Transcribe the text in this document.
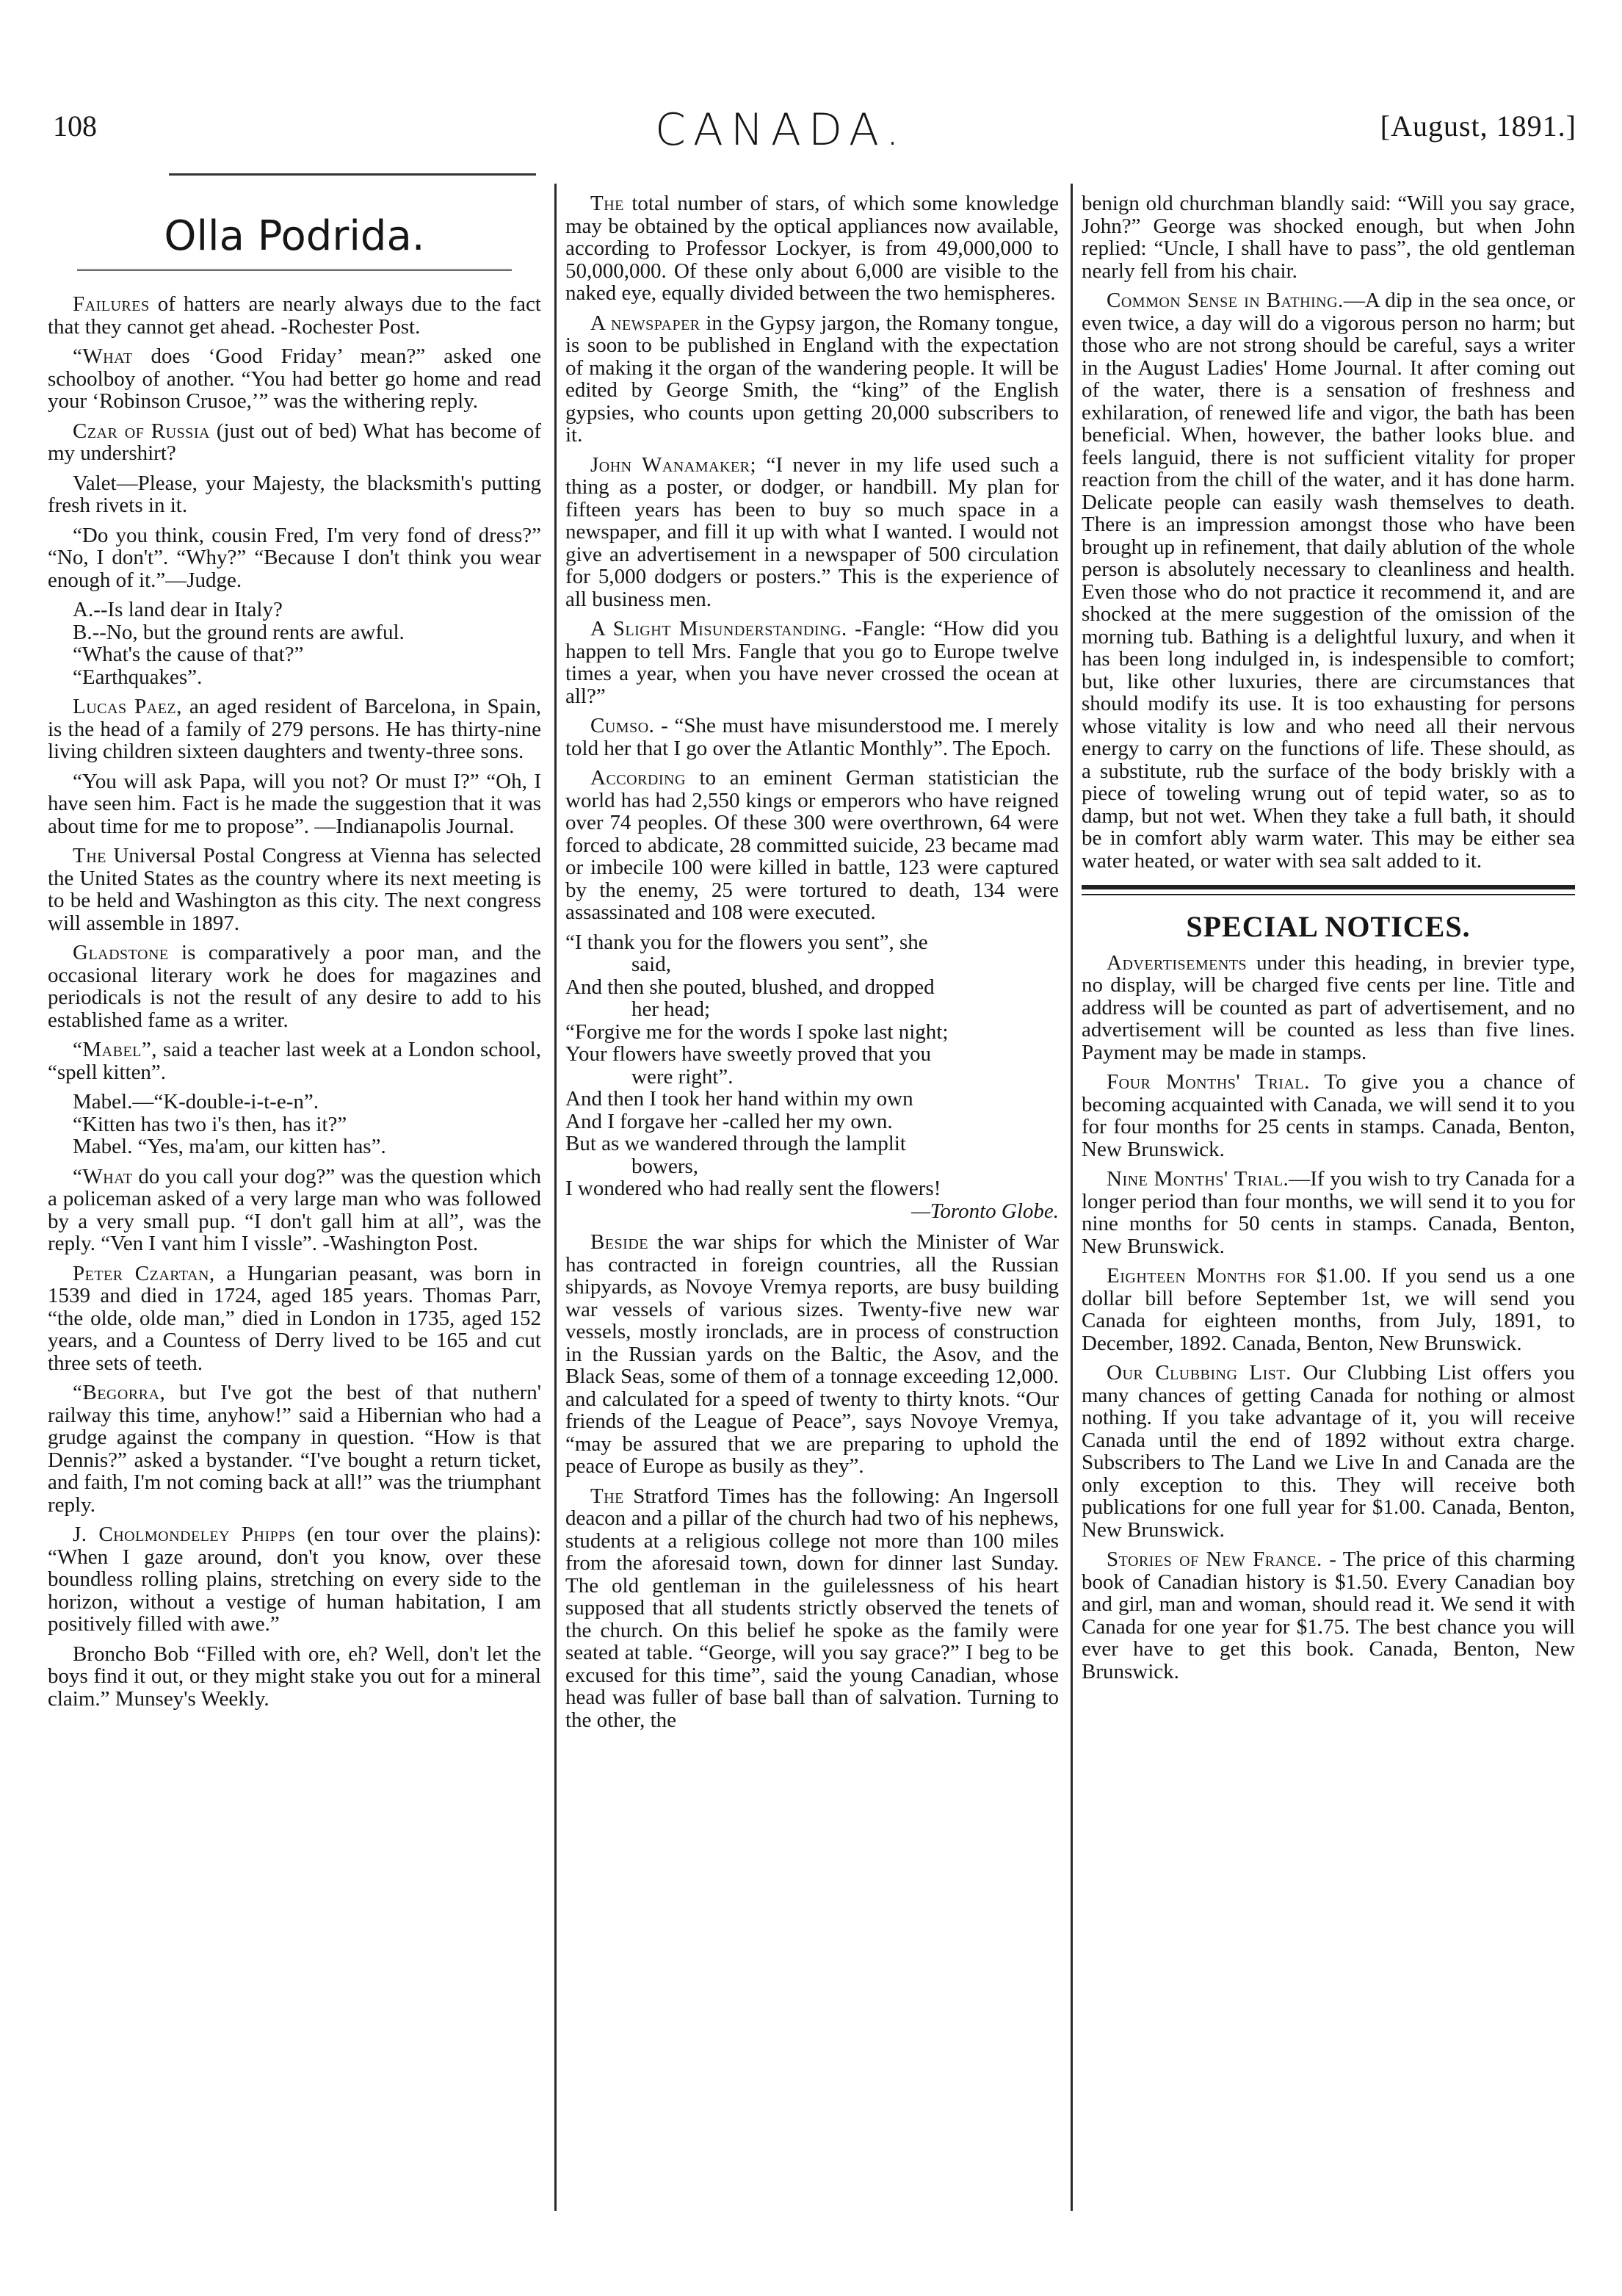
108	CANADA.	[August, 1891.]
Olla Podrida.

Failures of hatters are nearly always due to the fact that they cannot get ahead. -Rochester Post.

“What does ‘Good Friday’ mean?” asked one schoolboy of another. “You had better go home and read your ‘Robinson Crusoe,’” was the withering reply.

Czar of Russia (just out of bed) What has become of my undershirt?

Valet—Please, your Majesty, the blacksmith's putting fresh rivets in it.

“Do you think, cousin Fred, I'm very fond of dress?” “No, I don't”. “Why?” “Because I don't think you wear enough of it.”—Judge.

A.--Is land dear in Italy?
B.--No, but the ground rents are awful.
“What's the cause of that?”
“Earthquakes”.

Lucas Paez, an aged resident of Barcelona, in Spain, is the head of a family of 279 persons. He has thirty-nine living children sixteen daughters and twenty-three sons.

“You will ask Papa, will you not? Or must I?” “Oh, I have seen him. Fact is he made the suggestion that it was about time for me to propose”. —Indianapolis Journal.

The Universal Postal Congress at Vienna has selected the United States as the country where its next meeting is to be held and Washington as this city. The next congress will assemble in 1897.

Gladstone is comparatively a poor man, and the occasional literary work he does for magazines and periodicals is not the result of any desire to add to his established fame as a writer.

“Mabel”, said a teacher last week at a London school, “spell kitten”.

Mabel.—“K-double-i-t-e-n”.
“Kitten has two i's then, has it?”
Mabel. “Yes, ma'am, our kitten has”.

“What do you call your dog?” was the question which a policeman asked of a very large man who was followed by a very small pup. “I don't gall him at all”, was the reply. “Ven I vant him I vissle”. -Washington Post.

Peter Czartan, a Hungarian peasant, was born in 1539 and died in 1724, aged 185 years. Thomas Parr, “the olde, olde man,” died in London in 1735, aged 152 years, and a Countess of Derry lived to be 165 and cut three sets of teeth.

“Begorra, but I've got the best of that nuthern' railway this time, anyhow!” said a Hibernian who had a grudge against the company in question. “How is that Dennis?” asked a bystander. “I've bought a return ticket, and faith, I'm not coming back at all!” was the triumphant reply.

J. Cholmondeley Phipps (en tour over the plains): “When I gaze around, don't you know, over these boundless rolling plains, stretching on every side to the horizon, without a vestige of human habitation, I am positively filled with awe.”

Broncho Bob “Filled with ore, eh? Well, don't let the boys find it out, or they might stake you out for a mineral claim.” Munsey's Weekly.

The total number of stars, of which some knowledge may be obtained by the optical appliances now available, according to Professor Lockyer, is from 49,000,000 to 50,000,000. Of these only about 6,000 are visible to the naked eye, equally divided between the two hemispheres.

A newspaper in the Gypsy jargon, the Romany tongue, is soon to be published in England with the expectation of making it the organ of the wandering people. It will be edited by George Smith, the “king” of the English gypsies, who counts upon getting 20,000 subscribers to it.

John Wanamaker; “I never in my life used such a thing as a poster, or dodger, or handbill. My plan for fifteen years has been to buy so much space in a newspaper, and fill it up with what I wanted. I would not give an advertisement in a newspaper of 500 circulation for 5,000 dodgers or posters.” This is the experience of all business men.

A Slight Misunderstanding. -Fangle: “How did you happen to tell Mrs. Fangle that you go to Europe twelve times a year, when you have never crossed the ocean at all?”

Cumso. - “She must have misunderstood me. I merely told her that I go over the Atlantic Monthly”. The Epoch.

According to an eminent German statistician the world has had 2,550 kings or emperors who have reigned over 74 peoples. Of these 300 were overthrown, 64 were forced to abdicate, 28 committed suicide, 23 became mad or imbecile 100 were killed in battle, 123 were captured by the enemy, 25 were tortured to death, 134 were assassinated and 108 were executed.

“I thank you for the flowers you sent”, she
said,
And then she pouted, blushed, and dropped
her head;
“Forgive me for the words I spoke last night;
Your flowers have sweetly proved that you
were right”.
And then I took her hand within my own
And I forgave her -called her my own.
But as we wandered through the lamplit
bowers,
I wondered who had really sent the flowers!
—Toronto Globe.

Beside the war ships for which the Minister of War has contracted in foreign countries, all the Russian shipyards, as Novoye Vremya reports, are busy building war vessels of various sizes. Twenty-five new war vessels, mostly ironclads, are in process of construction in the Russian yards on the Baltic, the Asov, and the Black Seas, some of them of a tonnage exceeding 12,000. and calculated for a speed of twenty to thirty knots. “Our friends of the League of Peace”, says Novoye Vremya, “may be assured that we are preparing to uphold the peace of Europe as busily as they”.

The Stratford Times has the following: An Ingersoll deacon and a pillar of the church had two of his nephews, students at a religious college not more than 100 miles from the aforesaid town, down for dinner last Sunday. The old gentleman in the guilelessness of his heart supposed that all students strictly observed the tenets of the church. On this belief he spoke as the family were seated at table. “George, will you say grace?” I beg to be excused for this time”, said the young Canadian, whose head was fuller of base ball than of salvation. Turning to the other, the

benign old churchman blandly said: “Will you say grace, John?” George was shocked enough, but when John replied: “Uncle, I shall have to pass”, the old gentleman nearly fell from his chair.

Common Sense in Bathing.—A dip in the sea once, or even twice, a day will do a vigorous person no harm; but those who are not strong should be careful, says a writer in the August Ladies' Home Journal. It after coming out of the water, there is a sensation of freshness and exhilaration, of renewed life and vigor, the bath has been beneficial. When, however, the bather looks blue. and feels languid, there is not sufficient vitality for proper reaction from the chill of the water, and it has done harm. Delicate people can easily wash themselves to death. There is an impression amongst those who have been brought up in refinement, that daily ablution of the whole person is absolutely necessary to cleanliness and health. Even those who do not practice it recommend it, and are shocked at the mere suggestion of the omission of the morning tub. Bathing is a delightful luxury, and when it has been long indulged in, is indespensible to comfort; but, like other luxuries, there are circumstances that should modify its use. It is too exhausting for persons whose vitality is low and who need all their nervous energy to carry on the functions of life. These should, as a substitute, rub the surface of the body briskly with a piece of toweling wrung out of tepid water, so as to damp, but not wet. When they take a full bath, it should be in comfort ably warm water. This may be either sea water heated, or water with sea salt added to it.

SPECIAL NOTICES.

Advertisements under this heading, in brevier type, no display, will be charged five cents per line. Title and address will be counted as part of advertisement, and no advertisement will be counted as less than five lines. Payment may be made in stamps.

Four Months' Trial. To give you a chance of becoming acquainted with Canada, we will send it to you for four months for 25 cents in stamps. Canada, Benton, New Brunswick.

Nine Months' Trial.—If you wish to try Canada for a longer period than four months, we will send it to you for nine months for 50 cents in stamps. Canada, Benton, New Brunswick.

Eighteen Months for $1.00. If you send us a one dollar bill before September 1st, we will send you Canada for eighteen months, from July, 1891, to December, 1892. Canada, Benton, New Brunswick.

Our Clubbing List. Our Clubbing List offers you many chances of getting Canada for nothing or almost nothing. If you take advantage of it, you will receive Canada until the end of 1892 without extra charge. Subscribers to The Land we Live In and Canada are the only exception to this. They will receive both publications for one full year for $1.00. Canada, Benton, New Brunswick.

Stories of New France. - The price of this charming book of Canadian history is $1.50. Every Canadian boy and girl, man and woman, should read it. We send it with Canada for one year for $1.75. The best chance you will ever have to get this book. Canada, Benton, New Brunswick.
